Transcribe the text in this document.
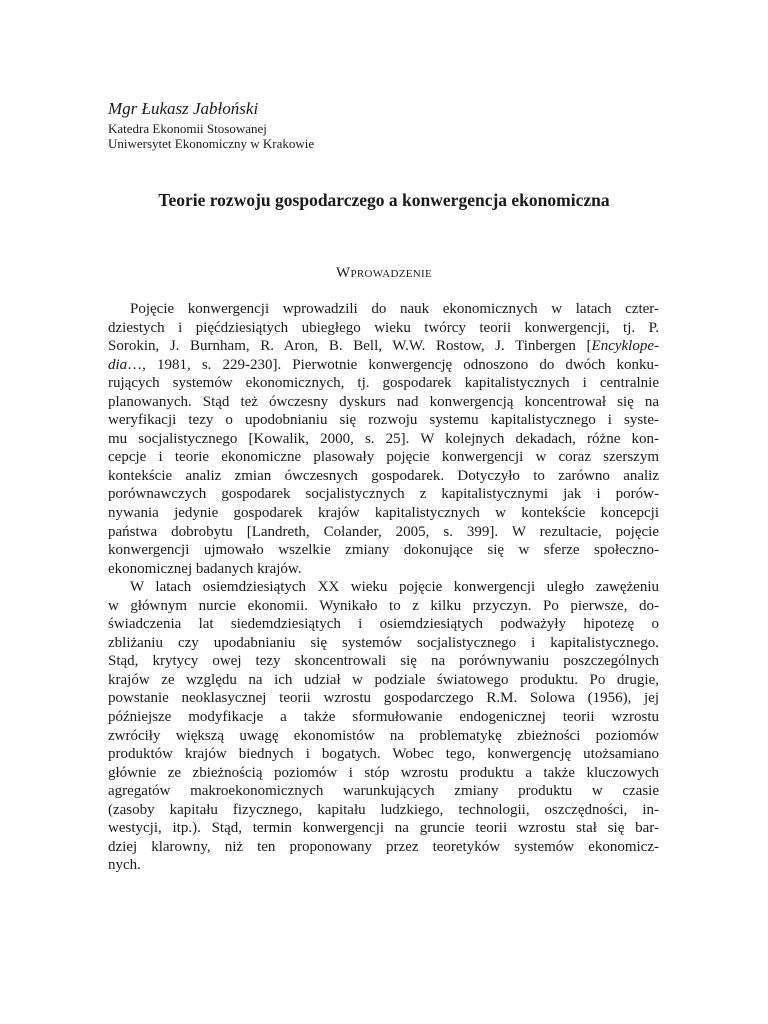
Mgr Łukasz Jabłoński
Katedra Ekonomii Stosowanej
Uniwersytet Ekonomiczny w Krakowie
Teorie rozwoju gospodarczego a konwergencja ekonomiczna
Wprowadzenie
Pojęcie konwergencji wprowadzili do nauk ekonomicznych w latach czter-
dziestych i pięćdziesiątych ubiegłego wieku twórcy teorii konwergencji, tj. P.
Sorokin, J. Burnham, R. Aron, B. Bell, W.W. Rostow, J. Tinbergen [Encyklope-
dia…, 1981, s. 229-230]. Pierwotnie konwergencję odnoszono do dwóch konku-
rujących systemów ekonomicznych, tj. gospodarek kapitalistycznych i centralnie
planowanych. Stąd też ówczesny dyskurs nad konwergencją koncentrował się na
weryfikacji tezy o upodobnianiu się rozwoju systemu kapitalistycznego i syste-
mu socjalistycznego [Kowalik, 2000, s. 25]. W kolejnych dekadach, różne kon-
cepcje i teorie ekonomiczne plasowały pojęcie konwergencji w coraz szerszym
kontekście analiz zmian ówczesnych gospodarek. Dotyczyło to zarówno analiz
porównawczych gospodarek socjalistycznych z kapitalistycznymi jak i porów-
nywania jedynie gospodarek krajów kapitalistycznych w kontekście koncepcji
państwa dobrobytu [Landreth, Colander, 2005, s. 399]. W rezultacie, pojęcie
konwergencji ujmowało wszelkie zmiany dokonujące się w sferze społeczno-
ekonomicznej badanych krajów.
W latach osiemdziesiątych XX wieku pojęcie konwergencji uległo zawężeniu
w głównym nurcie ekonomii. Wynikało to z kilku przyczyn. Po pierwsze, do-
świadczenia lat siedemdziesiątych i osiemdziesiątych podważyły hipotezę o
zbliżaniu czy upodabnianiu się systemów socjalistycznego i kapitalistycznego.
Stąd, krytycy owej tezy skoncentrowali się na porównywaniu poszczególnych
krajów ze względu na ich udział w podziale światowego produktu. Po drugie,
powstanie neoklasycznej teorii wzrostu gospodarczego R.M. Solowa (1956), jej
późniejsze modyfikacje a także sformułowanie endogenicznej teorii wzrostu
zwróciły większą uwagę ekonomistów na problematykę zbieżności poziomów
produktów krajów biednych i bogatych. Wobec tego, konwergencję utożsamiano
głównie ze zbieżnością poziomów i stóp wzrostu produktu a także kluczowych
agregatów makroekonomicznych warunkujących zmiany produktu w czasie
(zasoby kapitału fizycznego, kapitału ludzkiego, technologii, oszczędności, in-
westycji, itp.). Stąd, termin konwergencji na gruncie teorii wzrostu stał się bar-
dziej klarowny, niż ten proponowany przez teoretyków systemów ekonomicz-
nych.
